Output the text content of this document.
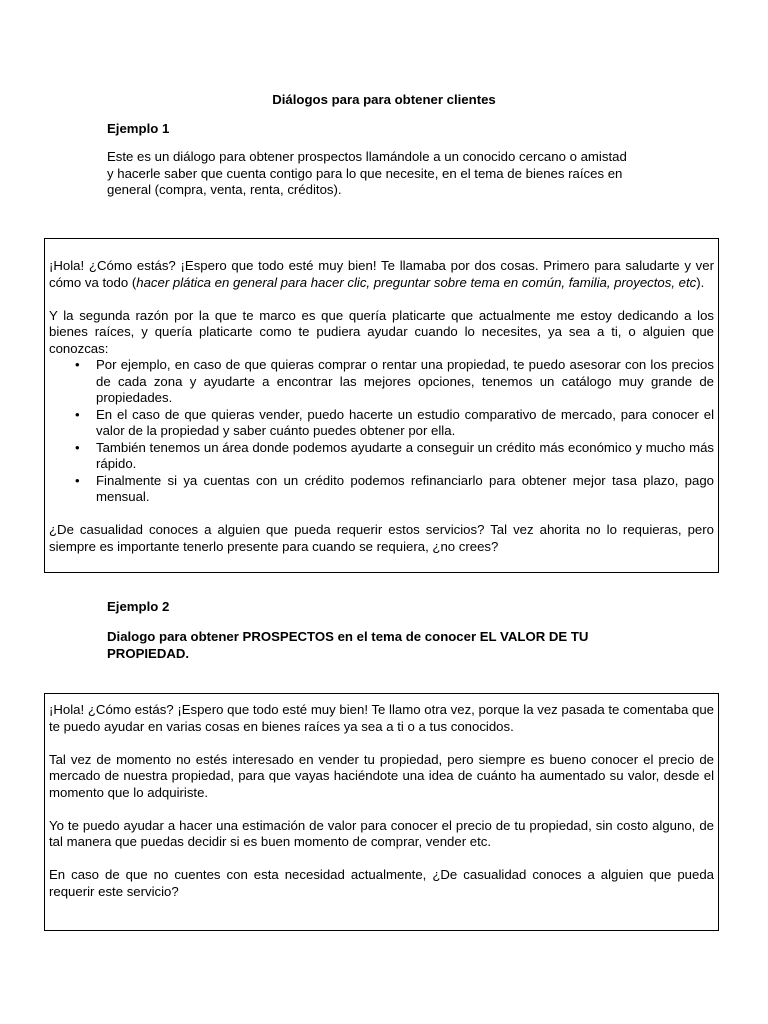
Diálogos para para obtener clientes
Ejemplo 1

Este es un diálogo para obtener prospectos llamándole a un conocido cercano o amistad y hacerle saber que cuenta contigo para lo que necesite, en el tema de bienes raíces en general (compra, venta, renta, créditos).

¡Hola! ¿Cómo estás? ¡Espero que todo esté muy bien! Te llamaba por dos cosas. Primero para saludarte y ver cómo va todo (hacer plática en general para hacer clic, preguntar sobre tema en común, familia, proyectos, etc).

Y la segunda razón por la que te marco es que quería platicarte que actualmente me estoy dedicando a los bienes raíces, y quería platicarte como te pudiera ayudar cuando lo necesites, ya sea a ti, o alguien que conozcas:

• Por ejemplo, en caso de que quieras comprar o rentar una propiedad, te puedo asesorar con los precios de cada zona y ayudarte a encontrar las mejores opciones, tenemos un catálogo muy grande de propiedades.
• En el caso de que quieras vender, puedo hacerte un estudio comparativo de mercado, para conocer el valor de la propiedad y saber cuánto puedes obtener por ella.
• También tenemos un área donde podemos ayudarte a conseguir un crédito más económico y mucho más rápido.
• Finalmente si ya cuentas con un crédito podemos refinanciarlo para obtener mejor tasa plazo, pago mensual.

¿De casualidad conoces a alguien que pueda requerir estos servicios? Tal vez ahorita no lo requieras, pero siempre es importante tenerlo presente para cuando se requiera, ¿no crees?

Ejemplo 2
Dialogo para obtener PROSPECTOS en el tema de conocer EL VALOR DE TU PROPIEDAD.

¡Hola! ¿Cómo estás? ¡Espero que todo esté muy bien! Te llamo otra vez, porque la vez pasada te comentaba que te puedo ayudar en varias cosas en bienes raíces ya sea a ti o a tus conocidos.

Tal vez de momento no estés interesado en vender tu propiedad, pero siempre es bueno conocer el precio de mercado de nuestra propiedad, para que vayas haciéndote una idea de cuánto ha aumentado su valor, desde el momento que lo adquiriste.

Yo te puedo ayudar a hacer una estimación de valor para conocer el precio de tu propiedad, sin costo alguno, de tal manera que puedas decidir si es buen momento de comprar, vender etc.

En caso de que no cuentes con esta necesidad actualmente, ¿De casualidad conoces a alguien que pueda requerir este servicio?
